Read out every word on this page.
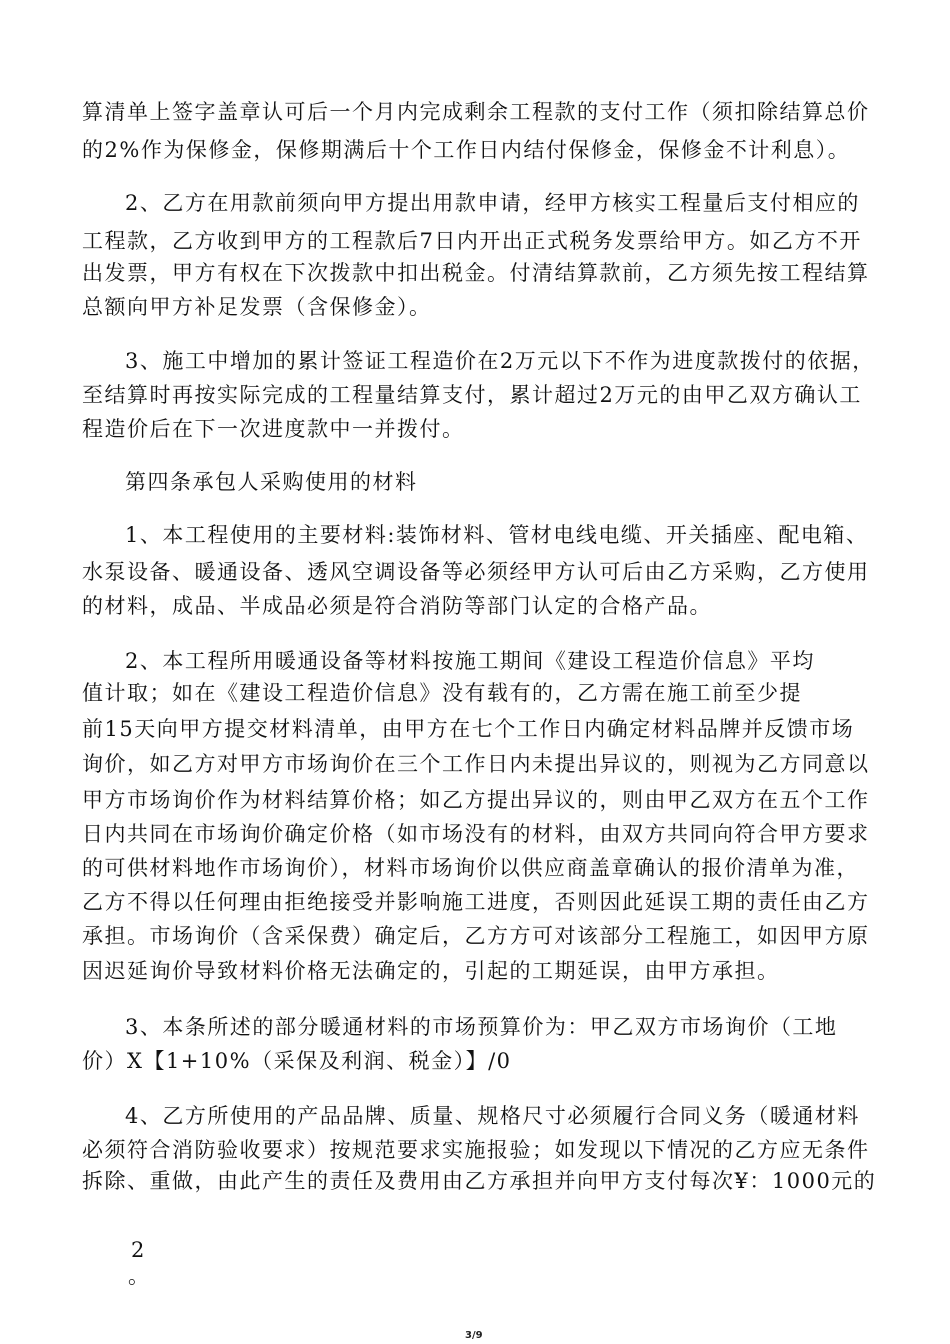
算清单上签字盖章认可后一个月内完成剩余工程款的支付工作（须扣除结算总价
的2%作为保修金，保修期满后十个工作日内结付保修金，保修金不计利息）。
2、乙方在用款前须向甲方提出用款申请，经甲方核实工程量后支付相应的
工程款，乙方收到甲方的工程款后7日内开出正式税务发票给甲方。如乙方不开
出发票，甲方有权在下次拨款中扣出税金。付清结算款前，乙方须先按工程结算
总额向甲方补足发票（含保修金）。
3、施工中增加的累计签证工程造价在2万元以下不作为进度款拨付的依据，
至结算时再按实际完成的工程量结算支付，累计超过2万元的由甲乙双方确认工
程造价后在下一次进度款中一并拨付。
第四条承包人采购使用的材料
1、本工程使用的主要材料:装饰材料、管材电线电缆、开关插座、配电箱、
水泵设备、暖通设备、透风空调设备等必须经甲方认可后由乙方采购，乙方使用
的材料，成品、半成品必须是符合消防等部门认定的合格产品。
2、本工程所用暖通设备等材料按施工期间《建设工程造价信息》平均
值计取；如在《建设工程造价信息》没有载有的，乙方需在施工前至少提
前15天向甲方提交材料清单，由甲方在七个工作日内确定材料品牌并反馈市场
询价，如乙方对甲方市场询价在三个工作日内未提出异议的，则视为乙方同意以
甲方市场询价作为材料结算价格；如乙方提出异议的，则由甲乙双方在五个工作
日内共同在市场询价确定价格（如市场没有的材料，由双方共同向符合甲方要求
的可供材料地作市场询价），材料市场询价以供应商盖章确认的报价清单为准，
乙方不得以任何理由拒绝接受并影响施工进度，否则因此延误工期的责任由乙方
承担。市场询价（含采保费）确定后，乙方方可对该部分工程施工，如因甲方原
因迟延询价导致材料价格无法确定的，引起的工期延误，由甲方承担。
3、本条所述的部分暖通材料的市场预算价为：甲乙双方市场询价（工地
价）X【1+10%（采保及利润、税金）】/0
4、乙方所使用的产品品牌、质量、规格尺寸必须履行合同义务（暖通材料
必须符合消防验收要求）按规范要求实施报验；如发现以下情况的乙方应无条件
拆除、重做，由此产生的责任及费用由乙方承担并向甲方支付每次¥：1000元的
2
。
3/9
